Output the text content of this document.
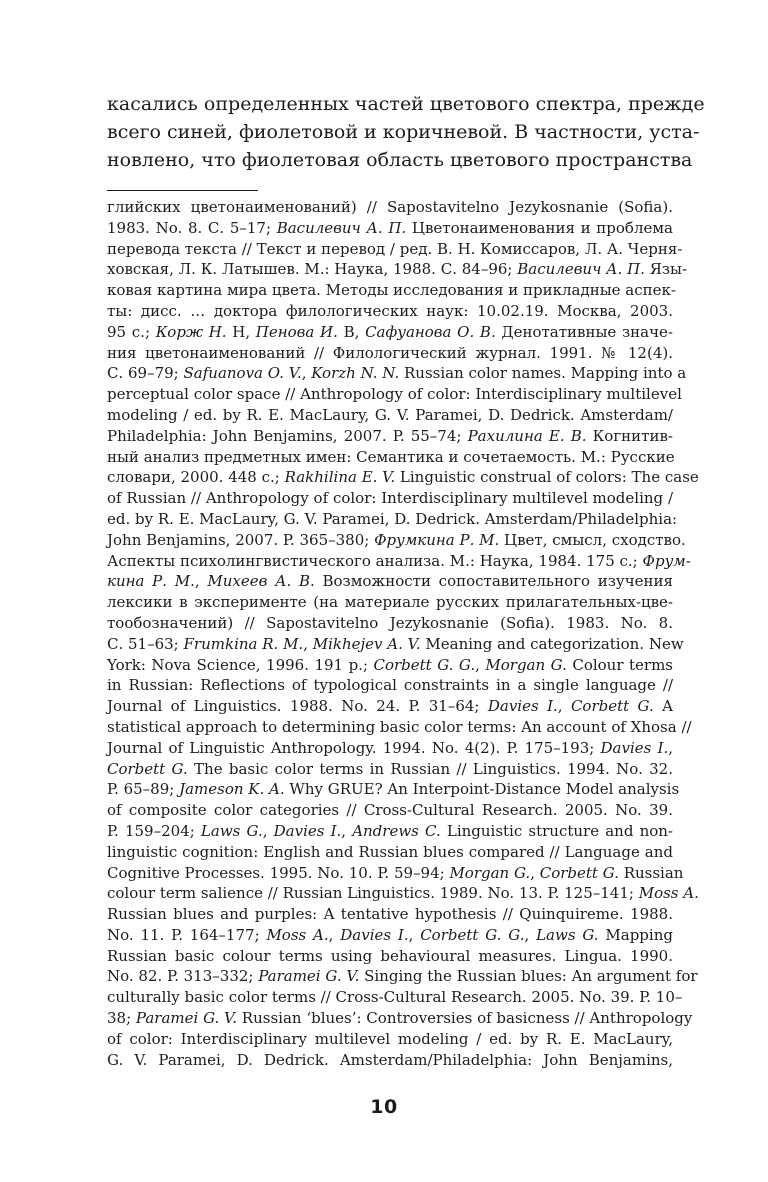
касались определенных частей цветового спектра, прежде
всего синей, фиолетовой и коричневой. В частности, уста-
новлено, что фиолетовая область цветового пространства
глийских цветонаименований) // Sapostavitelno Jezykosnanie (Sofia).
1983. No. 8. С. 5–17; Василевич А. П. Цветонаименования и проблема
перевода текста // Текст и перевод / ред. В. Н. Комиссаров, Л. А. Черня-
ховская, Л. К. Латышев. М.: Наука, 1988. С. 84–96; Василевич А. П. Язы-
ковая картина мира цвета. Методы исследования и прикладные аспек-
ты: дисс. … доктора филологических наук: 10.02.19. Москва, 2003.
95 с.; Корж Н. Н, Пенова И. В, Сафуанова О. В. Денотативные значе-
ния цветонаименований // Филологический журнал. 1991. № 12(4).
С. 69–79; Safuanova O. V., Korzh N. N. Russian color names. Mapping into a
perceptual color space // Anthropology of color: Interdisciplinary multilevel
modeling / ed. by R. E. MacLaury, G. V. Paramei, D. Dedrick. Amsterdam/
Philadelphia: John Benjamins, 2007. P. 55–74; Рахилина Е. В. Когнитив-
ный анализ предметных имен: Семантика и сочетаемость. М.: Русские
словари, 2000. 448 с.; Rakhilina E. V. Linguistic construal of colors: The case
of Russian // Anthropology of color: Interdisciplinary multilevel modeling /
ed. by R. E. MacLaury, G. V. Paramei, D. Dedrick. Amsterdam/Philadelphia:
John Benjamins, 2007. P. 365–380; Фрумкина Р. М. Цвет, смысл, сходство.
Аспекты психолингвистического анализа. М.: Наука, 1984. 175 с.; Фрум-
кина Р. М., Михеев А. В. Возможности сопоставительного изучения
лексики в эксперименте (на материале русских прилагательных-цве-
тообозначений) // Sapostavitelno Jezykosnanie (Sofia). 1983. No. 8.
С. 51–63; Frumkina R. M., Mikhejev A. V. Meaning and categorization. New
York: Nova Science, 1996. 191 p.; Corbett G. G., Morgan G. Colour terms
in Russian: Reflections of typological constraints in a single language //
Journal of Linguistics. 1988. No. 24. P. 31–64; Davies I., Corbett G. A
statistical approach to determining basic color terms: An account of Xhosa //
Journal of Linguistic Anthropology. 1994. No. 4(2). P. 175–193; Davies I.,
Corbett G. The basic color terms in Russian // Linguistics. 1994. No. 32.
P. 65–89; Jameson K. A. Why GRUE? An Interpoint-Distance Model analysis
of composite color categories // Cross-Cultural Research. 2005. No. 39.
P. 159–204; Laws G., Davies I., Andrews C. Linguistic structure and non-
linguistic cognition: English and Russian blues compared // Language and
Cognitive Processes. 1995. No. 10. P. 59–94; Morgan G., Corbett G. Russian
colour term salience // Russian Linguistics. 1989. No. 13. P. 125–141; Moss A.
Russian blues and purples: A tentative hypothesis // Quinquireme. 1988.
No. 11. P. 164–177; Moss A., Davies I., Corbett G. G., Laws G. Mapping
Russian basic colour terms using behavioural measures. Lingua. 1990.
No. 82. P. 313–332; Paramei G. V. Singing the Russian blues: An argument for
culturally basic color terms // Cross-Cultural Research. 2005. No. 39. P. 10–
38; Paramei G. V. Russian ‘blues’: Controversies of basicness // Anthropology
of color: Interdisciplinary multilevel modeling / ed. by R. E. MacLaury,
G. V. Paramei, D. Dedrick. Amsterdam/Philadelphia: John Benjamins,
10
